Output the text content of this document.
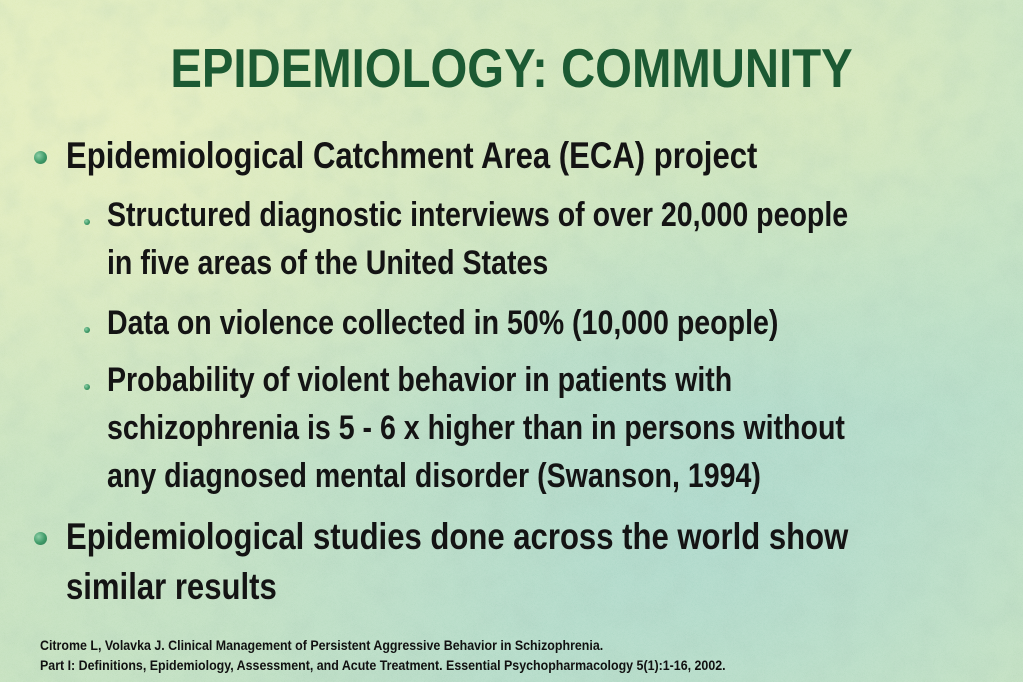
EPIDEMIOLOGY: COMMUNITY
Epidemiological Catchment Area (ECA) project
Structured diagnostic interviews of over 20,000 people
in five areas of the United States
Data on violence collected in 50% (10,000 people)
Probability of violent behavior in patients with
schizophrenia is 5 - 6 x higher than in persons without
any diagnosed mental disorder (Swanson, 1994)
Epidemiological studies done across the world show
similar results
Citrome L, Volavka J. Clinical Management of Persistent Aggressive Behavior in Schizophrenia.
Part I: Definitions, Epidemiology, Assessment, and Acute Treatment. Essential Psychopharmacology 5(1):1-16, 2002.
